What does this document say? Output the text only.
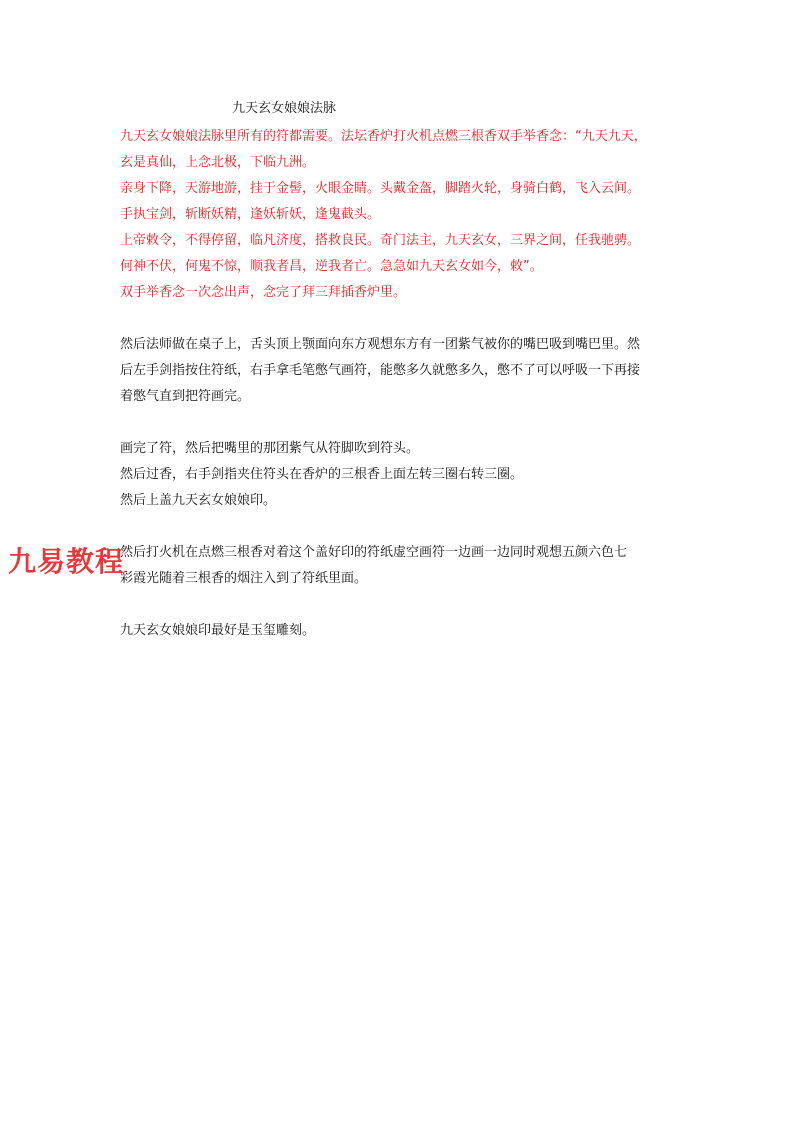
九天玄女娘娘法脉
九天玄女娘娘法脉里所有的符都需要。法坛香炉打火机点燃三根香双手举香念：“九天九天，
玄是真仙，上念北极，下临九洲。
亲身下降，天游地游，挂于金髻，火眼金睛。头戴金盔，脚踏火轮，身骑白鹤，飞入云间。
手执宝剑，斩断妖精，逢妖斩妖，逢鬼截头。
上帝敕令，不得停留，临凡济度，搭救良民。奇门法主，九天玄女，三界之间，任我驰骋。
何神不伏，何鬼不惊，顺我者昌，逆我者亡。急急如九天玄女如今，敕”。
双手举香念一次念出声，念完了拜三拜插香炉里。
然后法师做在桌子上，舌头顶上颚面向东方观想东方有一团紫气被你的嘴巴吸到嘴巴里。然
后左手剑指按住符纸，右手拿毛笔憋气画符，能憋多久就憋多久，憋不了可以呼吸一下再接
着憋气直到把符画完。
画完了符，然后把嘴里的那团紫气从符脚吹到符头。
然后过香，右手剑指夹住符头在香炉的三根香上面左转三圈右转三圈。
然后上盖九天玄女娘娘印。
然后打火机在点燃三根香对着这个盖好印的符纸虚空画符一边画一边同时观想五颜六色七
彩霞光随着三根香的烟注入到了符纸里面。
九天玄女娘娘印最好是玉玺雕刻。
九易教程
